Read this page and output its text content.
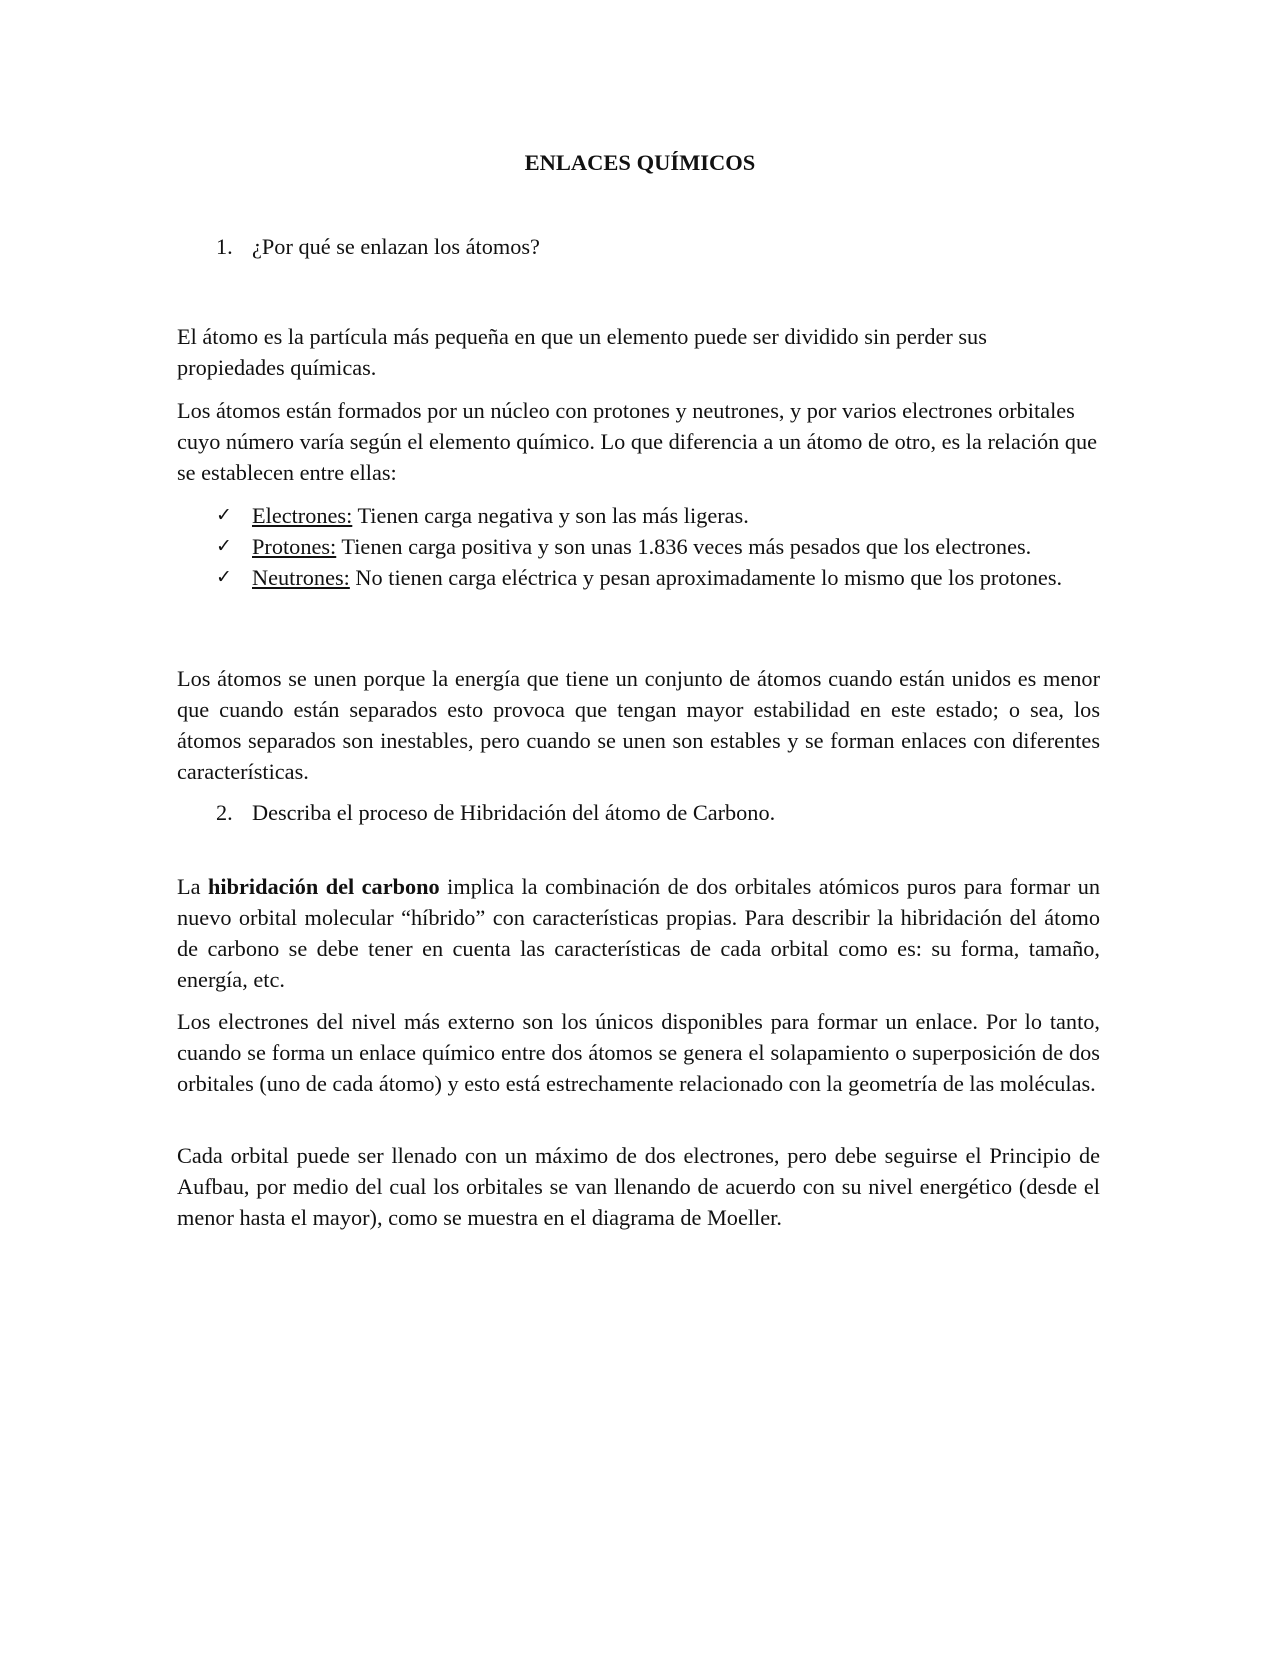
ENLACES QUÍMICOS
1. ¿Por qué se enlazan los átomos?

El átomo es la partícula más pequeña en que un elemento puede ser dividido sin perder sus propiedades químicas.

Los átomos están formados por un núcleo con protones y neutrones, y por varios electrones orbitales cuyo número varía según el elemento químico. Lo que diferencia a un átomo de otro, es la relación que se establecen entre ellas:

✓ Electrones: Tienen carga negativa y son las más ligeras.
✓ Protones: Tienen carga positiva y son unas 1.836 veces más pesados que los electrones.
✓ Neutrones: No tienen carga eléctrica y pesan aproximadamente lo mismo que los protones.

Los átomos se unen porque la energía que tiene un conjunto de átomos cuando están unidos es menor que cuando están separados esto provoca que tengan mayor estabilidad en este estado; o sea, los átomos separados son inestables, pero cuando se unen son estables y se forman enlaces con diferentes características.

2. Describa el proceso de Hibridación del átomo de Carbono.

La hibridación del carbono implica la combinación de dos orbitales atómicos puros para formar un nuevo orbital molecular “híbrido” con características propias. Para describir la hibridación del átomo de carbono se debe tener en cuenta las características de cada orbital como es: su forma, tamaño, energía, etc.

Los electrones del nivel más externo son los únicos disponibles para formar un enlace. Por lo tanto, cuando se forma un enlace químico entre dos átomos se genera el solapamiento o superposición de dos orbitales (uno de cada átomo) y esto está estrechamente relacionado con la geometría de las moléculas.

Cada orbital puede ser llenado con un máximo de dos electrones, pero debe seguirse el Principio de Aufbau, por medio del cual los orbitales se van llenando de acuerdo con su nivel energético (desde el menor hasta el mayor), como se muestra en el diagrama de Moeller.
